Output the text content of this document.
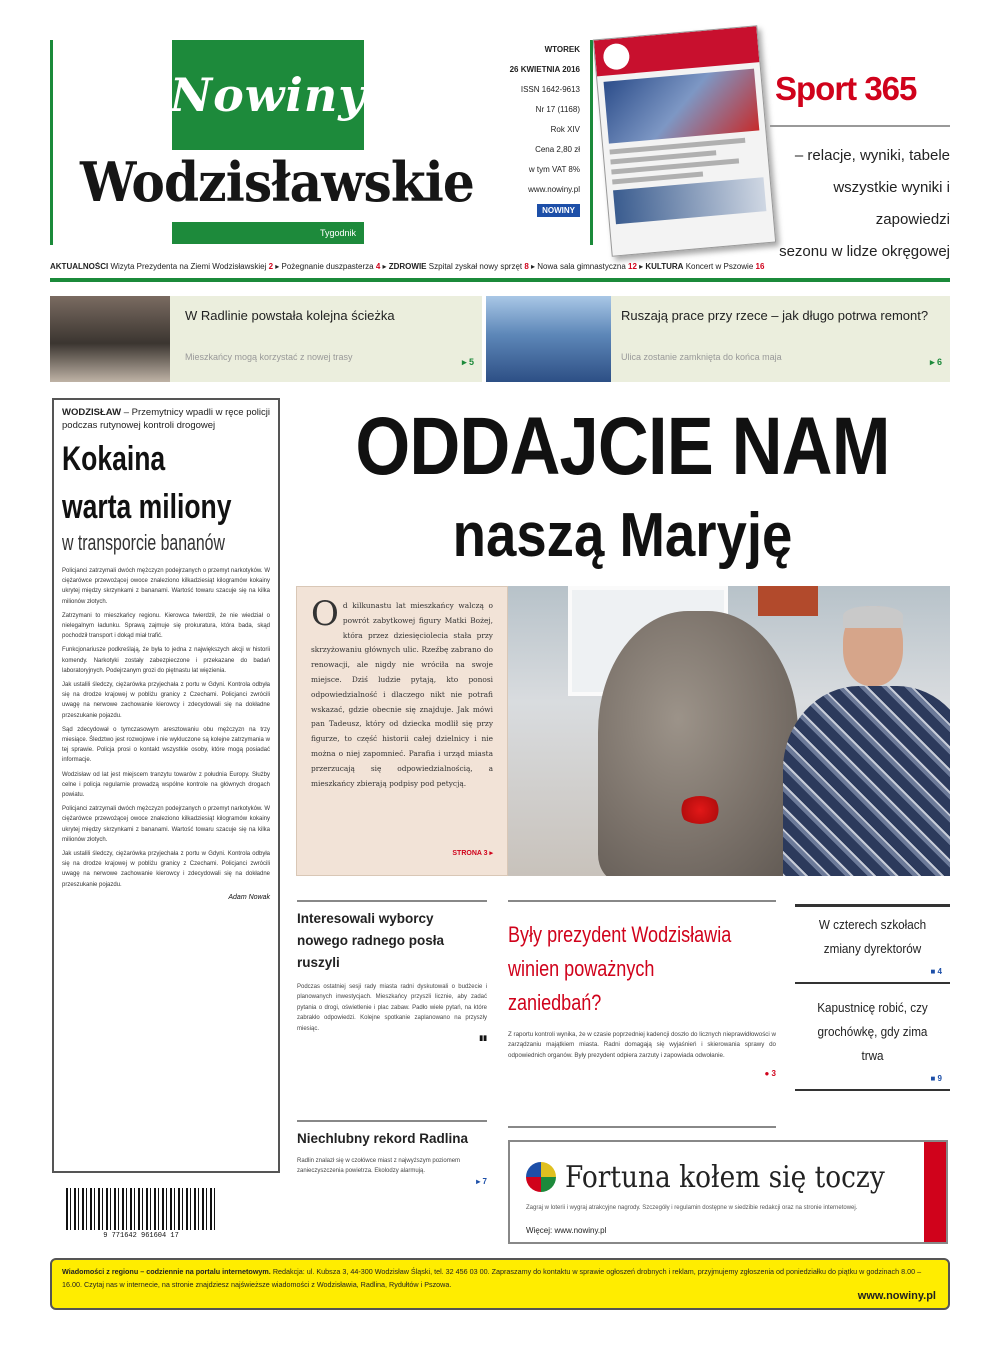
Nowiny
Wodzisławskie
Tygodnik
WTOREK
26 KWIETNIA 2016
ISSN 1642-9613
Nr 17 (1168)
Rok XIV
Cena 2,80 zł
w tym VAT 8%
www.nowiny.pl
NOWINY
Sport 365
– relacje, wyniki, tabele
wszystkie wyniki i zapowiedzi
sezonu w lidze okręgowej
AKTUALNOŚCI Wizyta Prezydenta na Ziemi Wodzisławskiej 2 ▸ Pożegnanie duszpasterza 4 ▸ ZDROWIE Szpital zyskał nowy sprzęt 8 ▸ Nowa sala gimnastyczna 12 ▸ KULTURA Koncert w Pszowie 16
W Radlinie powstała kolejna ścieżka
Mieszkańcy mogą korzystać z nowej trasy	▸ 5
Ruszają prace przy rzece – jak długo potrwa remont?
Ulica zostanie zamknięta do końca maja	▸ 6
WODZISŁAW – Przemytnicy wpadli w ręce policji podczas rutynowej kontroli drogowej
Kokaina
warta miliony
w transporcie bananów

Policjanci zatrzymali dwóch mężczyzn podejrzanych o przemyt narkotyków. W ciężarówce przewożącej owoce znaleziono kilkadziesiąt kilogramów kokainy ukrytej między skrzynkami z bananami. Wartość towaru szacuje się na kilka milionów złotych.

Zatrzymani to mieszkańcy regionu. Kierowca twierdził, że nie wiedział o nielegalnym ładunku. Sprawą zajmuje się prokuratura, która bada, skąd pochodził transport i dokąd miał trafić.

Funkcjonariusze podkreślają, że była to jedna z największych akcji w historii komendy. Narkotyki zostały zabezpieczone i przekazane do badań laboratoryjnych. Podejrzanym grozi do piętnastu lat więzienia.

Jak ustalili śledczy, ciężarówka przyjechała z portu w Gdyni. Kontrola odbyła się na drodze krajowej w pobliżu granicy z Czechami. Policjanci zwrócili uwagę na nerwowe zachowanie kierowcy i zdecydowali się na dokładne przeszukanie pojazdu.

Sąd zdecydował o tymczasowym aresztowaniu obu mężczyzn na trzy miesiące. Śledztwo jest rozwojowe i nie wykluczone są kolejne zatrzymania w tej sprawie. Policja prosi o kontakt wszystkie osoby, które mogą posiadać informacje.

Wodzisław od lat jest miejscem tranzytu towarów z południa Europy. Służby celne i policja regularnie prowadzą wspólne kontrole na głównych drogach powiatu.

Policjanci zatrzymali dwóch mężczyzn podejrzanych o przemyt narkotyków. W ciężarówce przewożącej owoce znaleziono kilkadziesiąt kilogramów kokainy ukrytej między skrzynkami z bananami. Wartość towaru szacuje się na kilka milionów złotych.

Jak ustalili śledczy, ciężarówka przyjechała z portu w Gdyni. Kontrola odbyła się na drodze krajowej w pobliżu granicy z Czechami. Policjanci zwrócili uwagę na nerwowe zachowanie kierowcy i zdecydowali się na dokładne przeszukanie pojazdu.

Adam Nowak
9 771642 961604 17
ODDAJCIE NAM
naszą Maryję
Od kilkunastu lat mieszkańcy walczą o powrót zabytkowej figury Matki Bożej, która przez dziesięciolecia stała przy skrzyżowaniu głównych ulic. Rzeźbę zabrano do renowacji, ale nigdy nie wróciła na swoje miejsce. Dziś ludzie pytają, kto ponosi odpowiedzialność i dlaczego nikt nie potrafi wskazać, gdzie obecnie się znajduje. Jak mówi pan Tadeusz, który od dziecka modlił się przy figurze, to część historii całej dzielnicy i nie można o niej zapomnieć. Parafia i urząd miasta przerzucają się odpowiedzialnością, a mieszkańcy zbierają podpisy pod petycją.
STRONA 3 ▸
Interesowali wyborcy nowego radnego posła ruszyli
Podczas ostatniej sesji rady miasta radni dyskutowali o budżecie i planowanych inwestycjach. Mieszkańcy przyszli licznie, aby zadać pytania o drogi, oświetlenie i plac zabaw. Padło wiele pytań, na które zabrakło odpowiedzi. Kolejne spotkanie zaplanowano na przyszły miesiąc.
▮▮
Niechlubny rekord Radlina
Radlin znalazł się w czołówce miast z najwyższym poziomem zanieczyszczenia powietrza. Ekolodzy alarmują.
▸ 7
Były prezydent Wodzisławia
winien poważnych
zaniedbań?
Z raportu kontroli wynika, że w czasie poprzedniej kadencji doszło do licznych nieprawidłowości w zarządzaniu majątkiem miasta. Radni domagają się wyjaśnień i skierowania sprawy do odpowiednich organów. Były prezydent odpiera zarzuty i zapowiada odwołanie.
● 3
W czterech szkołach zmiany dyrektorów
■ 4
Kapustnicę robić, czy grochówkę, gdy zima trwa
■ 9
Fortuna kołem się toczy
Zagraj w loterii i wygraj atrakcyjne nagrody. Szczegóły i regulamin dostępne w siedzibie redakcji oraz na stronie internetowej.
Więcej: www.nowiny.pl
Wiadomości z regionu – codziennie na portalu internetowym. Redakcja: ul. Kubsza 3, 44-300 Wodzisław Śląski, tel. 32 456 03 00. Zapraszamy do kontaktu w sprawie ogłoszeń drobnych i reklam, przyjmujemy zgłoszenia od poniedziałku do piątku w godzinach 8.00 – 16.00. Czytaj nas w internecie, na stronie znajdziesz najświeższe wiadomości z Wodzisławia, Radlina, Rydułtów i Pszowa.
www.nowiny.pl
